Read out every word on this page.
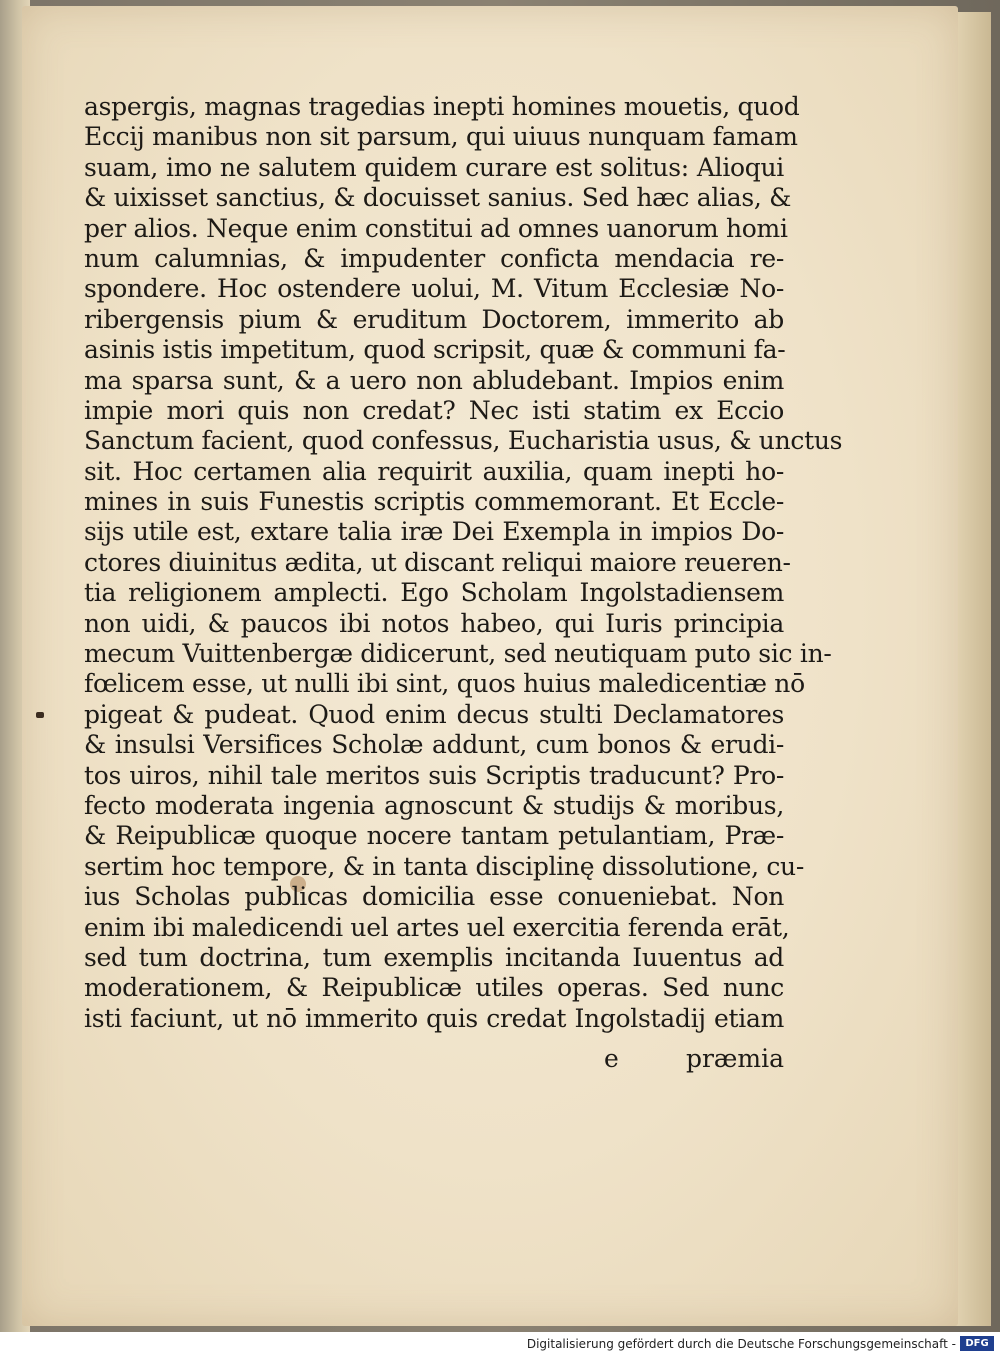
aspergis, magnas tragedias inepti homines mouetis, quod
Eccij manibus non sit parsum, qui uiuus nunquam famam
suam, imo ne salutem quidem curare est solitus: Alioqui
& uixisset sanctius, & docuisset sanius. Sed hæc alias, &
per alios. Neque enim constitui ad omnes uanorum homi
num calumnias, & impudenter conficta mendacia re-
spondere. Hoc ostendere uolui, M. Vitum Ecclesiæ No-
ribergensis pium & eruditum Doctorem, immerito ab
asinis istis impetitum, quod scripsit, quæ & communi fa-
ma sparsa sunt, & a uero non abludebant. Impios enim
impie mori quis non credat? Nec isti statim ex Eccio
Sanctum facient, quod confessus, Eucharistia usus, & unctus
sit. Hoc certamen alia requirit auxilia, quam inepti ho-
mines in suis Funestis scriptis commemorant. Et Eccle-
sijs utile est, extare talia iræ Dei Exempla in impios Do-
ctores diuinitus ædita, ut discant reliqui maiore reueren-
tia religionem amplecti. Ego Scholam Ingolstadiensem
non uidi, & paucos ibi notos habeo, qui Iuris principia
mecum Vuittenbergæ didicerunt, sed neutiquam puto sic in-
fœlicem esse, ut nulli ibi sint, quos huius maledicentiæ nō
pigeat & pudeat. Quod enim decus stulti Declamatores
& insulsi Versifices Scholæ addunt, cum bonos & erudi-
tos uiros, nihil tale meritos suis Scriptis traducunt? Pro-
fecto moderata ingenia agnoscunt & studijs & moribus,
& Reipublicæ quoque nocere tantam petulantiam, Præ-
sertim hoc tempore, & in tanta disciplinę dissolutione, cu-
ius Scholas publicas domicilia esse conueniebat. Non
enim ibi maledicendi uel artes uel exercitia ferenda erāt,
sed tum doctrina, tum exemplis incitanda Iuuentus ad
moderationem, & Reipublicæ utiles operas. Sed nunc
isti faciunt, ut nō immerito quis credat Ingolstadij etiam
e	præmia
Digitalisierung gefördert durch die Deutsche Forschungsgemeinschaft - DFG
